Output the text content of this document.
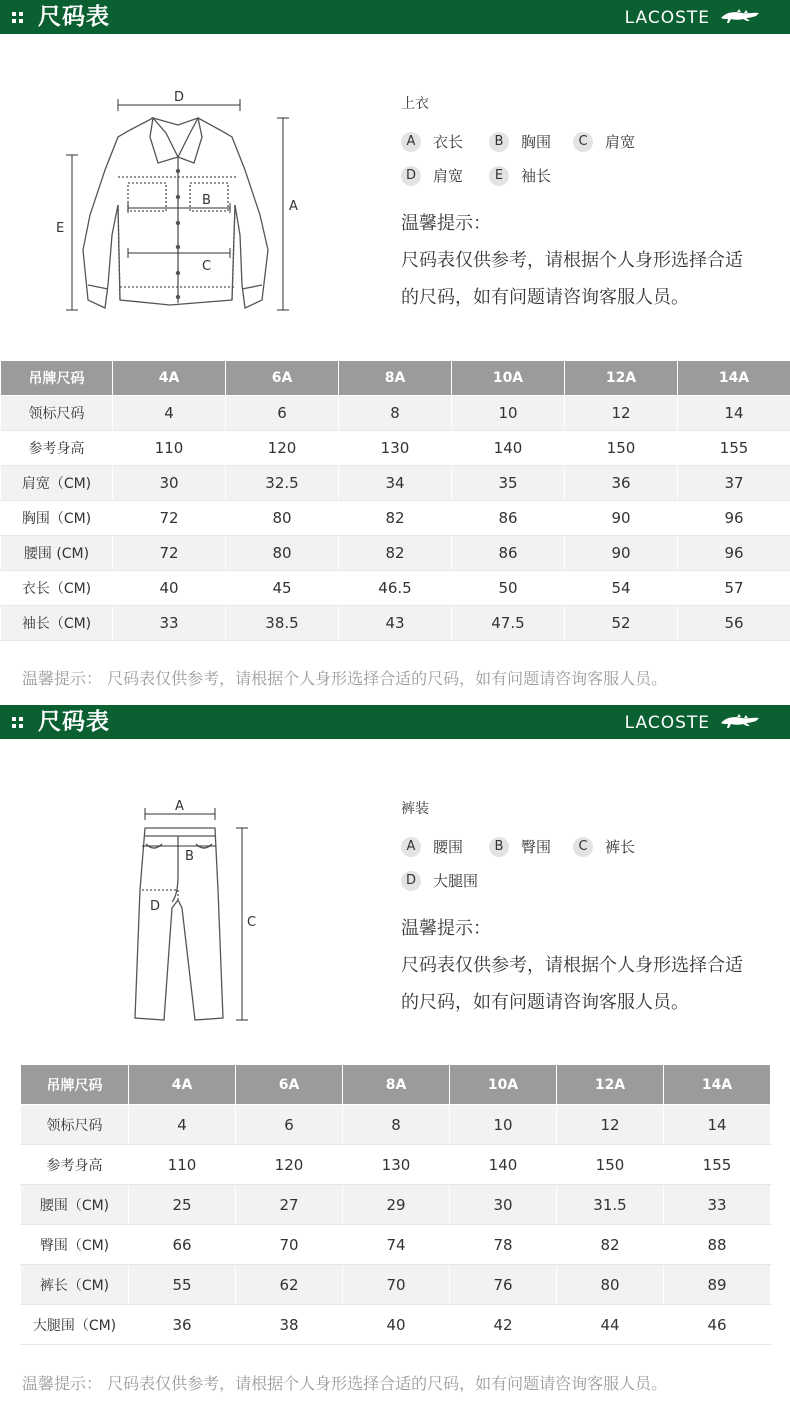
尺码表	LACOSTE
D
B
C
A
E
上衣
A	衣长	B	胸围	C	肩宽
D	肩宽	E	袖长
温馨提示：
尺码表仅供参考，请根据个人身形选择合适
的尺码，如有问题请咨询客服人员。
吊牌尺码	4A	6A	8A	10A	12A	14A
领标尺码	4	6	8	10	12	14
参考身高	110	120	130	140	150	155
肩宽（CM)	30	32.5	34	35	36	37
胸围（CM)	72	80	82	86	90	96
腰围 (CM)	72	80	82	86	90	96
衣长（CM)	40	45	46.5	50	54	57
袖长（CM)	33	38.5	43	47.5	52	56
温馨提示： 尺码表仅供参考，请根据个人身形选择合适的尺码，如有问题请咨询客服人员。
尺码表	LACOSTE
A
B
D
C
裤装
A	腰围	B	臀围	C	裤长
D	大腿围
温馨提示：
尺码表仅供参考，请根据个人身形选择合适
的尺码，如有问题请咨询客服人员。
吊牌尺码	4A	6A	8A	10A	12A	14A
领标尺码	4	6	8	10	12	14
参考身高	110	120	130	140	150	155
腰围（CM)	25	27	29	30	31.5	33
臀围（CM)	66	70	74	78	82	88
裤长（CM)	55	62	70	76	80	89
大腿围（CM)	36	38	40	42	44	46
温馨提示： 尺码表仅供参考，请根据个人身形选择合适的尺码，如有问题请咨询客服人员。
